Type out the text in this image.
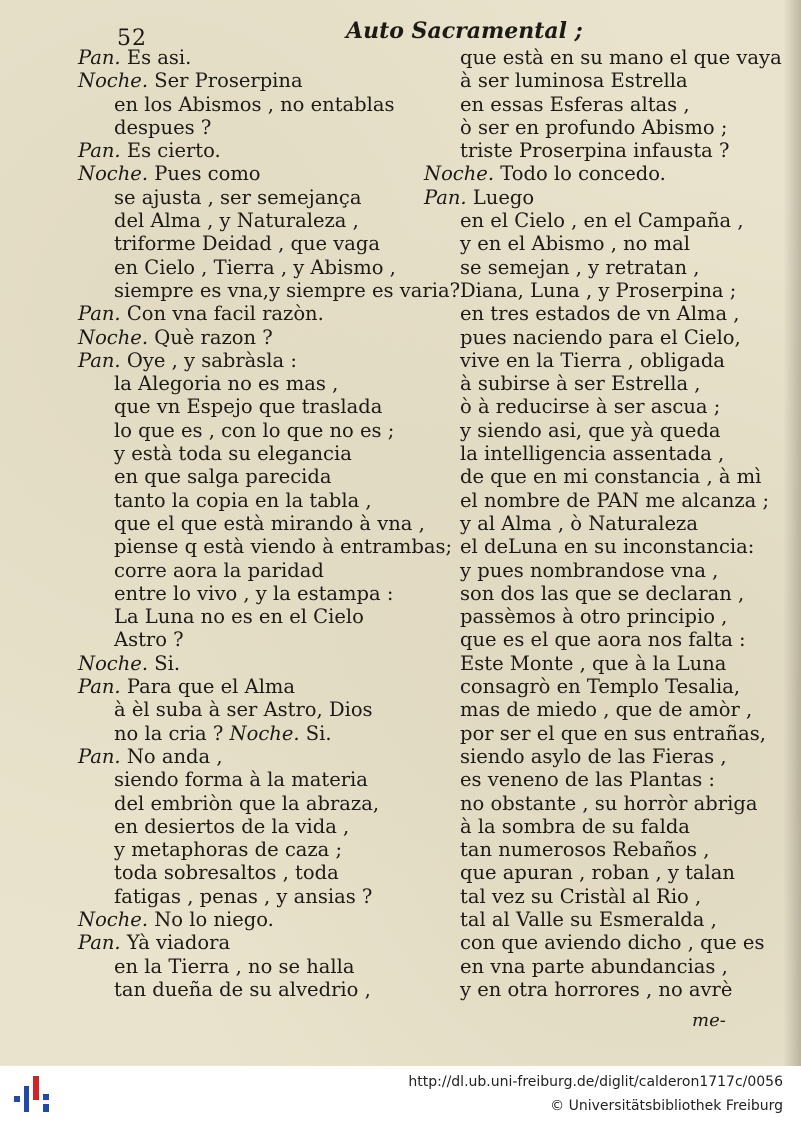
52	Auto Sacramental ;
Pan. Es asi.
Noche. Ser Proserpina
en los Abismos , no entablas
despues ?
Pan. Es cierto.
Noche. Pues como
se ajusta , ser semejança
del Alma , y Naturaleza ,
triforme Deidad , que vaga
en Cielo , Tierra , y Abismo ,
siempre es vna,y siempre es varia?
Pan. Con vna facil razòn.
Noche. Què razon ?
Pan. Oye , y sabràsla :
la Alegoria no es mas ,
que vn Espejo que traslada
lo que es , con lo que no es ;
y està toda su elegancia
en que salga parecida
tanto la copia en la tabla ,
que el que està mirando à vna ,
piense q està viendo à entrambas;
corre aora la paridad
entre lo vivo , y la estampa :
La Luna no es en el Cielo
Astro ?
Noche. Si.
Pan. Para que el Alma
à èl suba à ser Astro, Dios
no la cria ? Noche. Si.
Pan. No anda ,
siendo forma à la materia
del embriòn que la abraza,
en desiertos de la vida ,
y metaphoras de caza ;
toda sobresaltos , toda
fatigas , penas , y ansias ?
Noche. No lo niego.
Pan. Yà viadora
en la Tierra , no se halla
tan dueña de su alvedrio ,
que està en su mano el que vaya
à ser luminosa Estrella
en essas Esferas altas ,
ò ser en profundo Abismo ;
triste Proserpina infausta ?
Noche. Todo lo concedo.
Pan. Luego
en el Cielo , en el Campaña ,
y en el Abismo , no mal
se semejan , y retratan ,
Diana, Luna , y Proserpina ;
en tres estados de vn Alma ,
pues naciendo para el Cielo,
vive en la Tierra , obligada
à subirse à ser Estrella ,
ò à reducirse à ser ascua ;
y siendo asi, que yà queda
la intelligencia assentada ,
de que en mi constancia , à mì
el nombre de PAN me alcanza ;
y al Alma , ò Naturaleza
el deLuna en su inconstancia:
y pues nombrandose vna ,
son dos las que se declaran ,
passèmos à otro principio ,
que es el que aora nos falta :
Este Monte , que à la Luna
consagrò en Templo Tesalia,
mas de miedo , que de amòr ,
por ser el que en sus entrañas,
siendo asylo de las Fieras ,
es veneno de las Plantas :
no obstante , su horròr abriga
à la sombra de su falda
tan numerosos Rebaños ,
que apuran , roban , y talan
tal vez su Cristàl al Rio ,
tal al Valle su Esmeralda ,
con que aviendo dicho , que es
en vna parte abundancias ,
y en otra horrores , no avrè
me-
http://dl.ub.uni-freiburg.de/diglit/calderon1717c/0056
© Universitätsbibliothek Freiburg
